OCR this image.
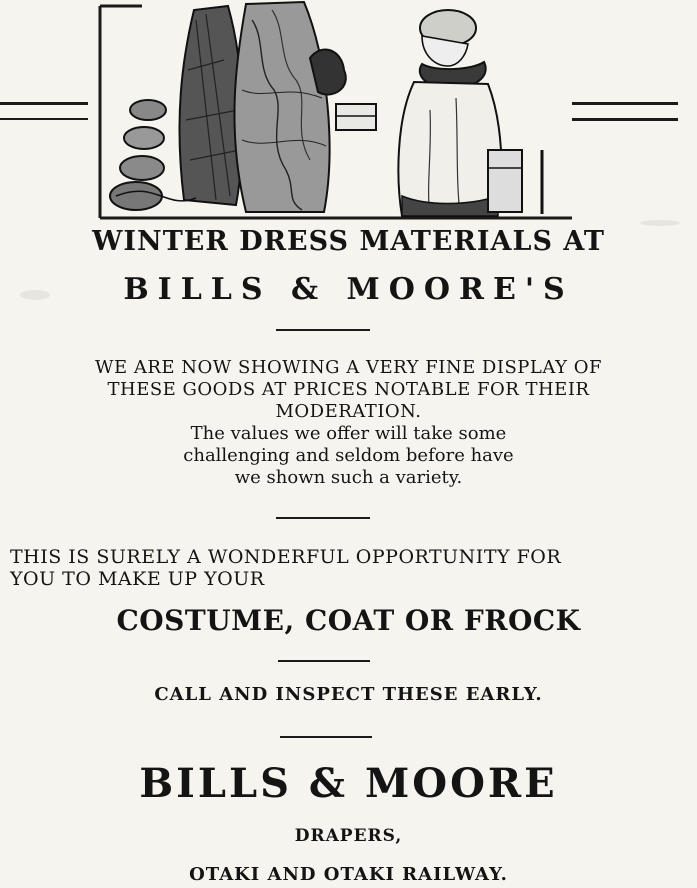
WINTER DRESS MATERIALS AT
BILLS & MOORE'S
WE ARE NOW SHOWING A VERY FINE DISPLAY OF
THESE GOODS AT PRICES NOTABLE FOR THEIR
MODERATION.
The values we offer will take some
challenging and seldom before have
we shown such a variety.
THIS IS SURELY A WONDERFUL OPPORTUNITY FOR
YOU TO MAKE UP YOUR
COSTUME, COAT OR FROCK
CALL AND INSPECT THESE EARLY.
BILLS & MOORE
DRAPERS,
OTAKI AND OTAKI RAILWAY.
